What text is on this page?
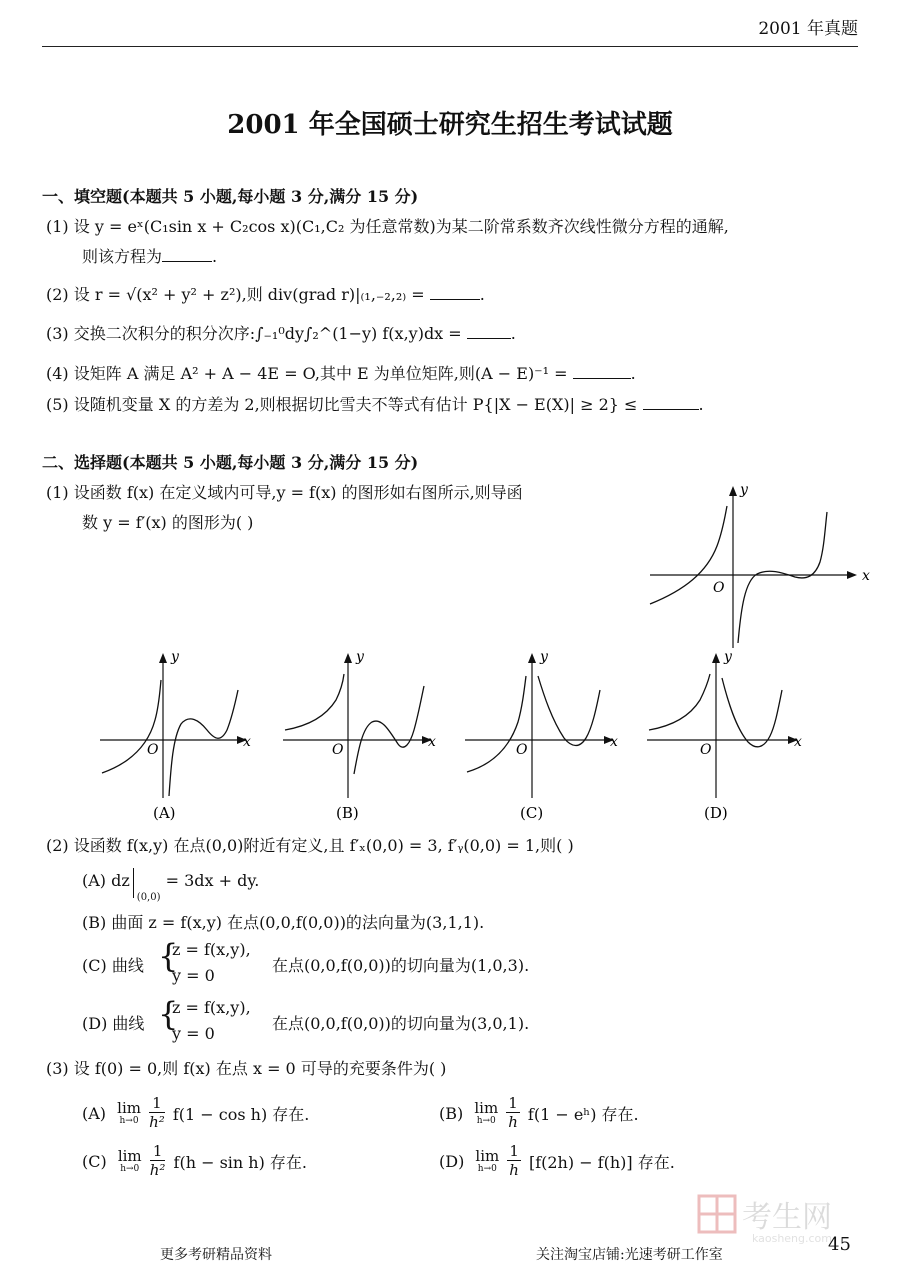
2001 年真题
2001 年全国硕士研究生招生考试试题
一、填空题(本题共 5 小题,每小题 3 分,满分 15 分)
(1) 设 y = eˣ(C₁sin x + C₂cos x)(C₁,C₂ 为任意常数)为某二阶常系数齐次线性微分方程的通解,
则该方程为	.
(2) 设 r = √(x² + y² + z²),则 div(grad r)|₍₁,₋₂,₂₎ =	.
(3) 交换二次积分的积分次序:∫₋₁⁰dy∫₂^(1−y) f(x,y)dx =	.
(4) 设矩阵 A 满足 A² + A − 4E = O,其中 E 为单位矩阵,则(A − E)⁻¹ =	.
(5) 设随机变量 X 的方差为 2,则根据切比雪夫不等式有估计 P{|X − E(X)| ≥ 2} ≤	.
二、选择题(本题共 5 小题,每小题 3 分,满分 15 分)
(1) 设函数 f(x) 在定义域内可导,y = f(x) 的图形如右图所示,则导函
数 y = f′(x) 的图形为( )
x
y
O
x
y
O
(A)
x
y
O
(B)
x
y
O
(C)
x
y
O
(D)
(2) 设函数 f(x,y) 在点(0,0)附近有定义,且 f′ₓ(0,0) = 3, f′ᵧ(0,0) = 1,则( )
(A) $dz_{(0,0)} = 3dx$ + dy.
(B) 曲面 z = f(x,y) 在点(0,0,f(0,0))的法向量为(3,1,1).
(C) 曲线 {
z = f(x,y),
y = 0
在点(0,0,f(0,0))的切向量为(1,0,3).
(D) 曲线 {
z = f(x,y),
y = 0
在点(0,0,f(0,0))的切向量为(3,0,1).
(3) 设 f(0) = 0,则 f(x) 在点 x = 0 可导的充要条件为( )
(A) lim
h→0
$\frac{1}{\text{h²}} f(1 - \cos h)$ 存在.	(B) lim
h→0
$\frac{1}{h} f(1$ − eʰ) 存在.
(C) lim
h→0
$\frac{1}{\text{h²}} f(h - \sin h)$ 存在.	(D) lim
h→0
$\frac{1}{h} [f(2h) - f(h)]$ 存在.
考生网
kaosheng.com
更多考研精品资料	关注淘宝店铺:光速考研工作室	45
